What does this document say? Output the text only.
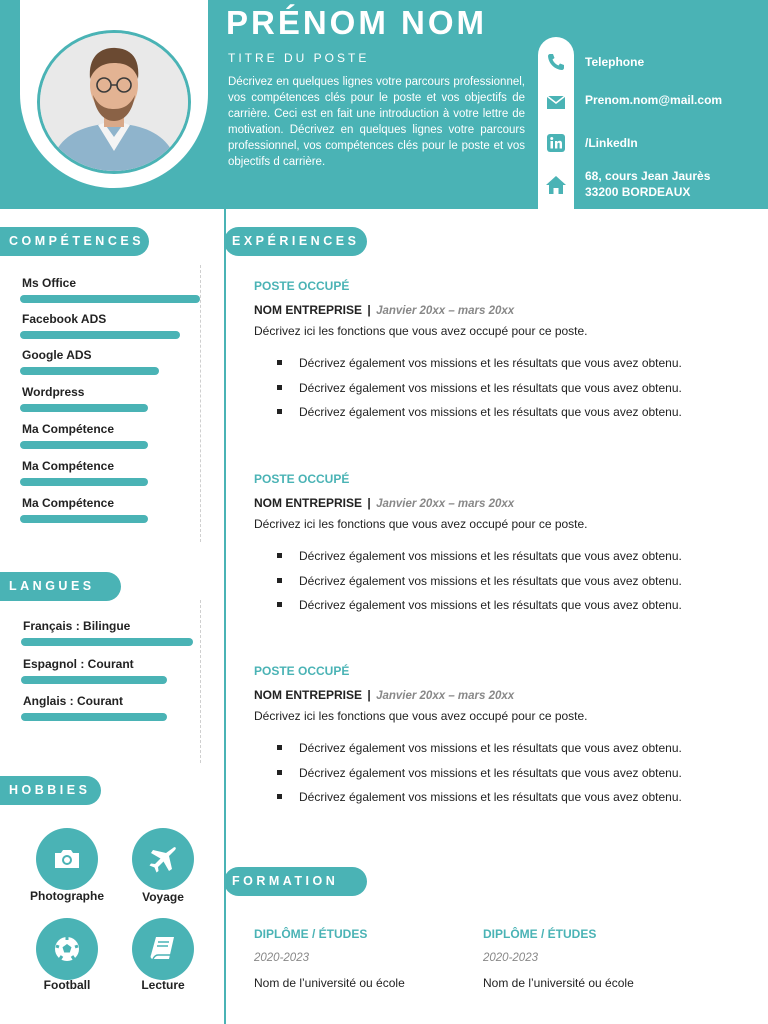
PRÉNOM NOM
TITRE DU POSTE
Décrivez en quelques lignes votre parcours professionnel, vos compétences clés pour le poste et vos objectifs de carrière. Ceci est en fait une introduction à votre lettre de motivation. Décrivez en quelques lignes votre parcours professionnel, vos compétences clés pour le poste et vos objectifs d carrière.
Telephone
Prenom.nom@mail.com
/LinkedIn
68, cours Jean Jaurès
33200 BORDEAUX
COMPÉTENCES
Ms Office
Facebook ADS
Google ADS
Wordpress
Ma Compétence
Ma Compétence
Ma Compétence
LANGUES
Français : Bilingue
Espagnol : Courant
Anglais : Courant
HOBBIES
Photographe	Voyage
Football	Lecture
EXPÉRIENCES
POSTE OCCUPÉ
NOM ENTREPRISE | Janvier 20xx – mars 20xx
Décrivez ici les fonctions que vous avez occupé pour ce poste.
Décrivez également vos missions et les résultats que vous avez obtenu.
Décrivez également vos missions et les résultats que vous avez obtenu.
Décrivez également vos missions et les résultats que vous avez obtenu.
POSTE OCCUPÉ
NOM ENTREPRISE | Janvier 20xx – mars 20xx
Décrivez ici les fonctions que vous avez occupé pour ce poste.
Décrivez également vos missions et les résultats que vous avez obtenu.
Décrivez également vos missions et les résultats que vous avez obtenu.
Décrivez également vos missions et les résultats que vous avez obtenu.
POSTE OCCUPÉ
NOM ENTREPRISE | Janvier 20xx – mars 20xx
Décrivez ici les fonctions que vous avez occupé pour ce poste.
Décrivez également vos missions et les résultats que vous avez obtenu.
Décrivez également vos missions et les résultats que vous avez obtenu.
Décrivez également vos missions et les résultats que vous avez obtenu.
FORMATION
DIPLÔME / ÉTUDES
2020-2023
Nom de l’université ou école
DIPLÔME / ÉTUDES
2020-2023
Nom de l’université ou école
